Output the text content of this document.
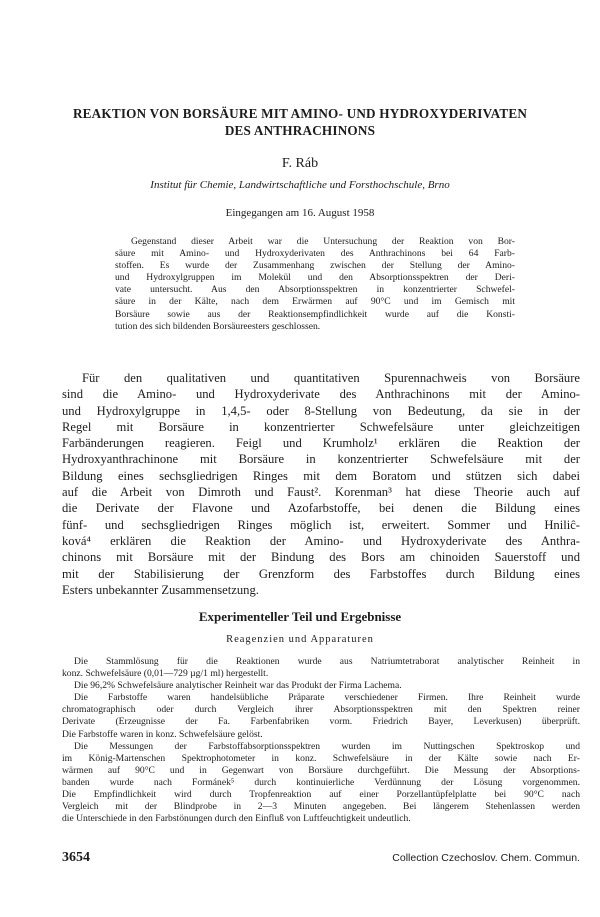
REAKTION VON BORSÄURE MIT AMINO- UND HYDROXYDERIVATEN
DES ANTHRACHINONS
F. Ráb
Institut für Chemie, Landwirtschaftliche und Forsthochschule, Brno
Eingegangen am 16. August 1958
Gegenstand dieser Arbeit war die Untersuchung der Reaktion von Bor-
säure mit Amino- und Hydroxyderivaten des Anthrachinons bei 64 Farb-
stoffen. Es wurde der Zusammenhang zwischen der Stellung der Amino-
und Hydroxylgruppen im Molekül und den Absorptionsspektren der Deri-
vate untersucht. Aus den Absorptionsspektren in konzentrierter Schwefel-
säure in der Kälte, nach dem Erwärmen auf 90°C und im Gemisch mit
Borsäure sowie aus der Reaktionsempfindlichkeit wurde auf die Konsti-
tution des sich bildenden Borsäureesters geschlossen.
Für den qualitativen und quantitativen Spurennachweis von Borsäure
sind die Amino- und Hydroxyderivate des Anthrachinons mit der Amino-
und Hydroxylgruppe in 1,4,5- oder 8-Stellung von Bedeutung, da sie in der
Regel mit Borsäure in konzentrierter Schwefelsäure unter gleichzeitigen
Farbänderungen reagieren. Feigl und Krumholz¹ erklären die Reaktion der
Hydroxyanthrachinone mit Borsäure in konzentrierter Schwefelsäure mit der
Bildung eines sechsgliedrigen Ringes mit dem Boratom und stützen sich dabei
auf die Arbeit von Dimroth und Faust². Korenman³ hat diese Theorie auch auf
die Derivate der Flavone und Azofarbstoffe, bei denen die Bildung eines
fünf- und sechsgliedrigen Ringes möglich ist, erweitert. Sommer und Hniliĉ-
ková⁴ erklären die Reaktion der Amino- und Hydroxyderivate des Anthra-
chinons mit Borsäure mit der Bindung des Bors am chinoiden Sauerstoff und
mit der Stabilisierung der Grenzform des Farbstoffes durch Bildung eines
Esters unbekannter Zusammensetzung.
Experimenteller Teil und Ergebnisse
Reagenzien und Apparaturen
Die Stammlösung für die Reaktionen wurde aus Natriumtetraborat analytischer Reinheit in
konz. Schwefelsäure (0,01—729 µg/1 ml) hergestellt.
Die 96,2% Schwefelsäure analytischer Reinheit war das Produkt der Firma Lachema.
Die Farbstoffe waren handelsübliche Präparate verschiedener Firmen. Ihre Reinheit wurde
chromatographisch oder durch Vergleich ihrer Absorptionsspektren mit den Spektren reiner
Derivate (Erzeugnisse der Fa. Farbenfabriken vorm. Friedrich Bayer, Leverkusen) überprüft.
Die Farbstoffe waren in konz. Schwefelsäure gelöst.
Die Messungen der Farbstoffabsorptionsspektren wurden im Nuttingschen Spektroskop und
im König-Martenschen Spektrophotometer in konz. Schwefelsäure in der Kälte sowie nach Er-
wärmen auf 90°C und in Gegenwart von Borsäure durchgeführt. Die Messung der Absorptions-
banden wurde nach Formánek⁵ durch kontinuierliche Verdünnung der Lösung vorgenommen.
Die Empfindlichkeit wird durch Tropfenreaktion auf einer Porzellantüpfelplatte bei 90°C nach
Vergleich mit der Blindprobe in 2—3 Minuten angegeben. Bei längerem Stehenlassen werden
die Unterschiede in den Farbstönungen durch den Einfluß von Luftfeuchtigkeit undeutlich.
3654	Collection Czechoslov. Chem. Commun.
